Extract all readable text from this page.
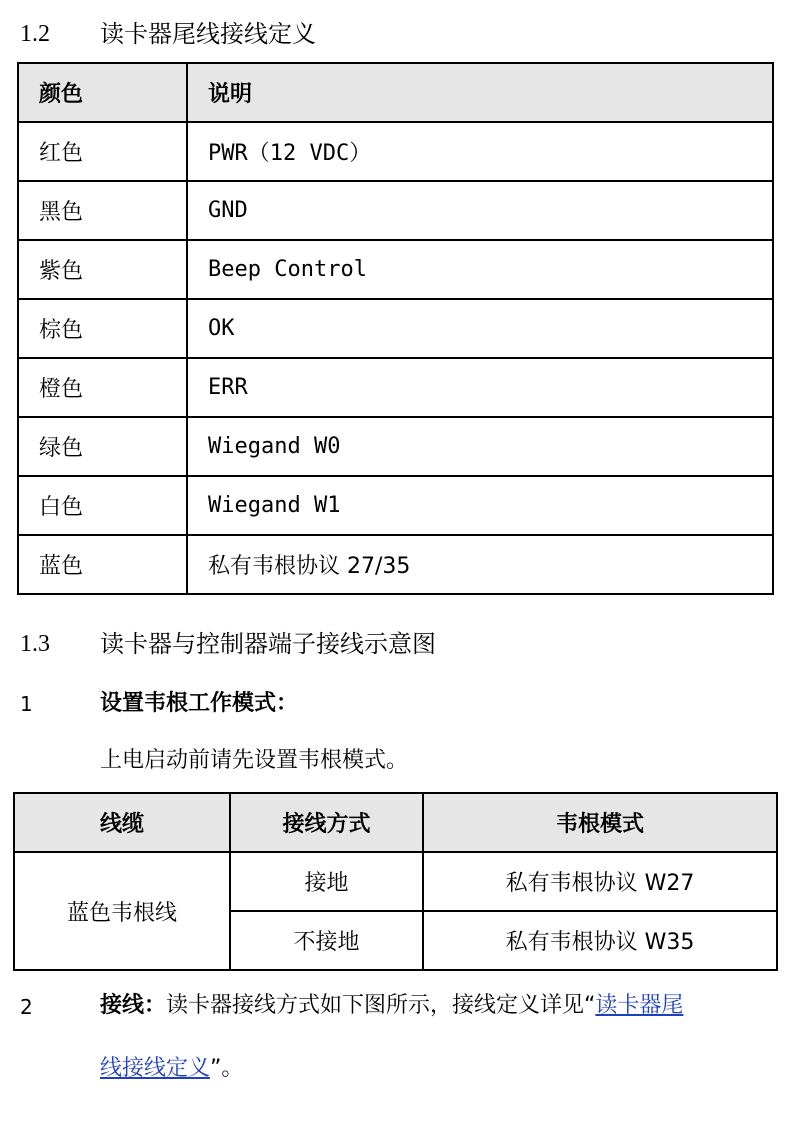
1.2 读卡器尾线接线定义
颜色	说明
红色	PWR（12 VDC）
黑色	GND
紫色	Beep Control
棕色	OK
橙色	ERR
绿色	Wiegand W0
白色	Wiegand W1
蓝色	私有韦根协议 27/35
1.3 读卡器与控制器端子接线示意图
1	设置韦根工作模式：
上电启动前请先设置韦根模式。
线缆	接线方式	韦根模式
蓝色韦根线	接地	私有韦根协议 W27
	不接地	私有韦根协议 W35
2	接线：读卡器接线方式如下图所示，接线定义详见“读卡器尾
线接线定义”。
